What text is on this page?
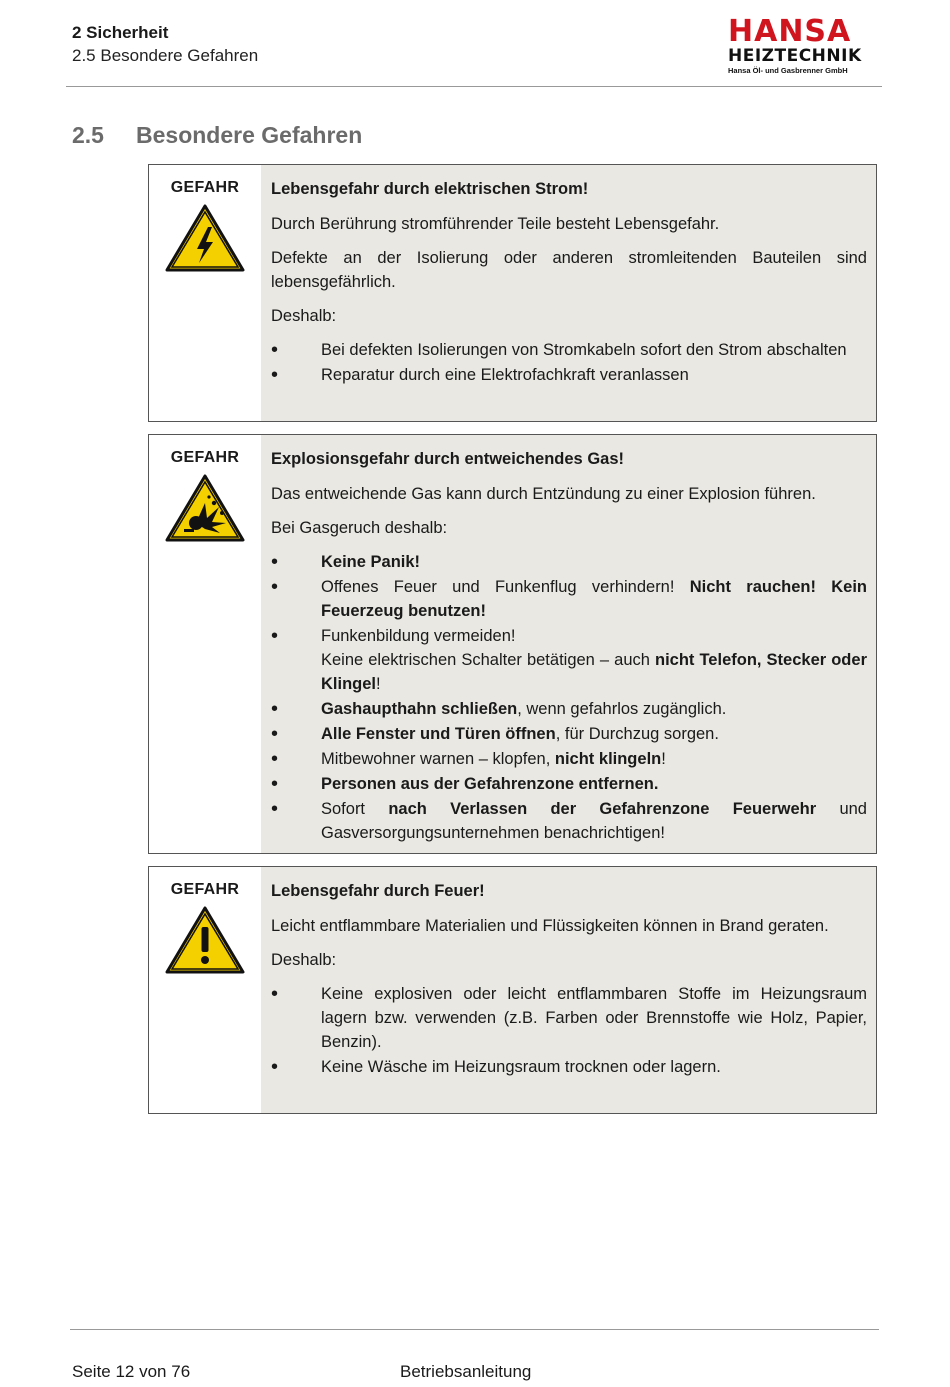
2 Sicherheit
2.5 Besondere Gefahren
HANSA
HEIZTECHNIK
Hansa Öl- und Gasbrenner GmbH
2.5 Besondere Gefahren
GEFAHR	Lebensgefahr durch elektrischen Strom!

Durch Berührung stromführender Teile besteht Lebensgefahr.

Defekte an der Isolierung oder anderen stromleitenden Bauteilen sind lebensgefährlich.

Deshalb:

• Bei defekten Isolierungen von Stromkabeln sofort den Strom abschalten
• Reparatur durch eine Elektrofachkraft veranlassen
GEFAHR	Explosionsgefahr durch entweichendes Gas!

Das entweichende Gas kann durch Entzündung zu einer Explosion führen.

Bei Gasgeruch deshalb:

• Keine Panik!
• Offenes Feuer und Funkenflug verhindern! Nicht rauchen! Kein Feuerzeug benutzen!
• Funkenbildung vermeiden!
Keine elektrischen Schalter betätigen – auch nicht Telefon, Stecker oder Klingel!
• Gashaupthahn schließen, wenn gefahrlos zugänglich.
• Alle Fenster und Türen öffnen, für Durchzug sorgen.
• Mitbewohner warnen – klopfen, nicht klingeln!
• Personen aus der Gefahrenzone entfernen.
• Sofort nach Verlassen der Gefahrenzone Feuerwehr und Gasversorgungsunternehmen benachrichtigen!
GEFAHR	Lebensgefahr durch Feuer!

Leicht entflammbare Materialien und Flüssigkeiten können in Brand geraten.

Deshalb:

• Keine explosiven oder leicht entflammbaren Stoffe im Heizungsraum lagern bzw. verwenden (z.B. Farben oder Brennstoffe wie Holz, Papier, Benzin).
• Keine Wäsche im Heizungsraum trocknen oder lagern.
Seite 12 von 76	Betriebsanleitung
